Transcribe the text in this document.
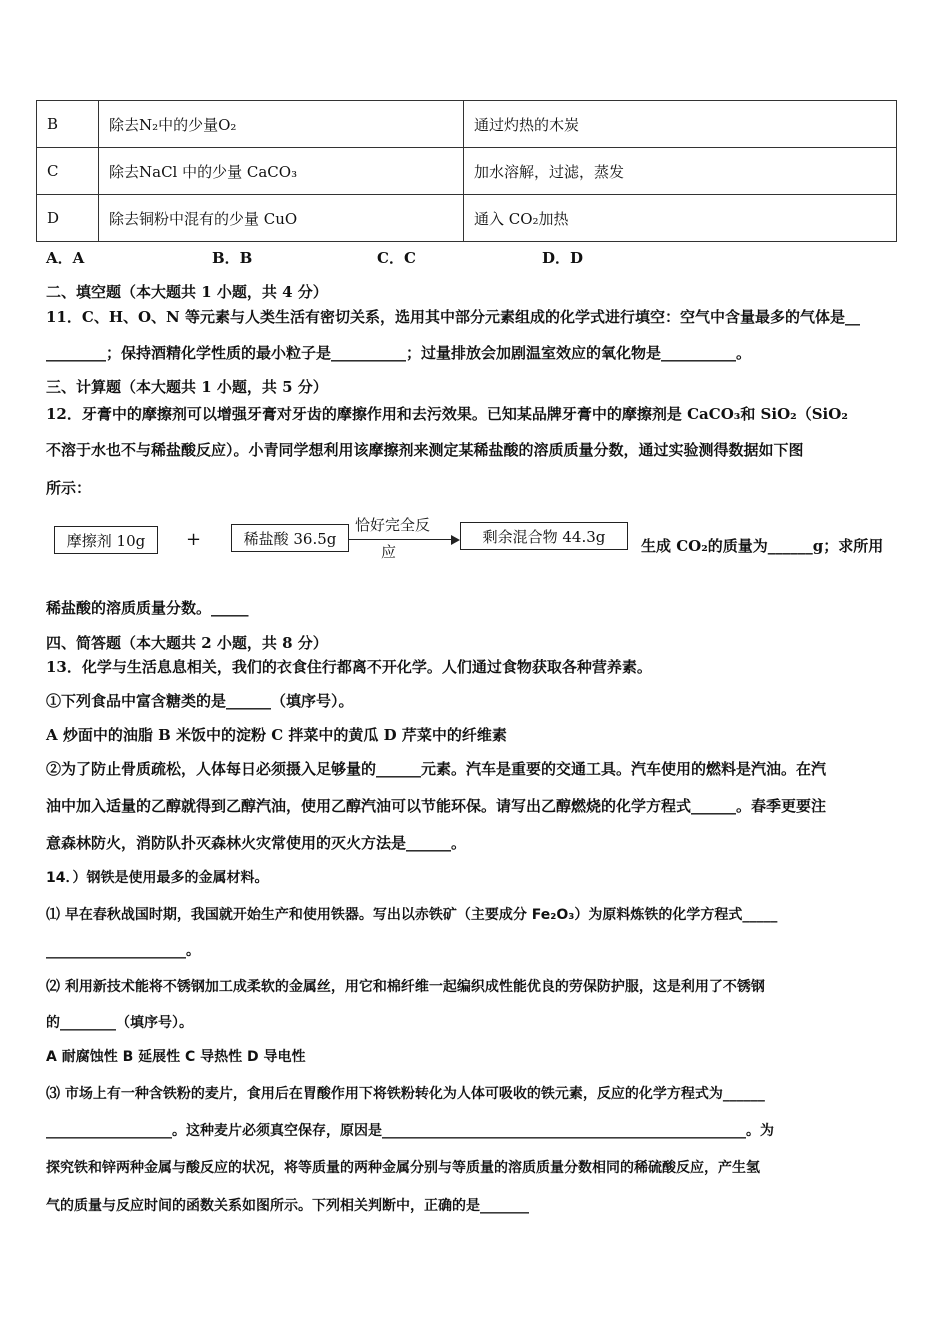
B	除去N₂中的少量O₂	通过灼热的木炭
C	除去NaCl 中的少量 CaCO₃	加水溶解，过滤，蒸发
D	除去铜粉中混有的少量 CuO	通入 CO₂加热
A．A	B．B	C．C	D．D
二、填空题（本大题共 1 小题，共 4 分）
11．C、H、O、N 等元素与人类生活有密切关系，选用其中部分元素组成的化学式进行填空：空气中含量最多的气体是__
________；保持酒精化学性质的最小粒子是__________；过量排放会加剧温室效应的氧化物是__________。
三、计算题（本大题共 1 小题，共 5 分）
12．牙膏中的摩擦剂可以增强牙膏对牙齿的摩擦作用和去污效果。已知某品牌牙膏中的摩擦剂是 CaCO₃和 SiO₂（SiO₂
不溶于水也不与稀盐酸反应）。小青同学想利用该摩擦剂来测定某稀盐酸的溶质质量分数，通过实验测得数据如下图
所示：
摩擦剂 10g	+	稀盐酸 36.5g
恰好完全反
应
剩余混合物 44.3g	生成 CO₂的质量为______g；求所用
稀盐酸的溶质质量分数。_____
四、简答题（本大题共 2 小题，共 8 分）
13．化学与生活息息相关，我们的衣食住行都离不开化学。人们通过食物获取各种营养素。
①下列食品中富含糖类的是______（填序号）。
A 炒面中的油脂 B 米饭中的淀粉 C 拌菜中的黄瓜 D 芹菜中的纤维素
②为了防止骨质疏松，人体每日必须摄入足够量的______元素。汽车是重要的交通工具。汽车使用的燃料是汽油。在汽
油中加入适量的乙醇就得到乙醇汽油，使用乙醇汽油可以节能环保。请写出乙醇燃烧的化学方程式______。春季更要注
意森林防火，消防队扑灭森林火灾常使用的灭火方法是______。
14．）钢铁是使用最多的金属材料。
⑴ 早在春秋战国时期，我国就开始生产和使用铁器。写出以赤铁矿（主要成分 Fe₂O₃）为原料炼铁的化学方程式_____
____________________。
⑵ 利用新技术能将不锈钢加工成柔软的金属丝，用它和棉纤维一起编织成性能优良的劳保防护服，这是利用了不锈钢
的________（填序号）。
A 耐腐蚀性 B 延展性 C 导热性 D 导电性
⑶ 市场上有一种含铁粉的麦片，食用后在胃酸作用下将铁粉转化为人体可吸收的铁元素，反应的化学方程式为______
__________________。这种麦片必须真空保存，原因是____________________________________________________。为
探究铁和锌两种金属与酸反应的状况，将等质量的两种金属分别与等质量的溶质质量分数相同的稀硫酸反应，产生氢
气的质量与反应时间的函数关系如图所示。下列相关判断中，正确的是_______
